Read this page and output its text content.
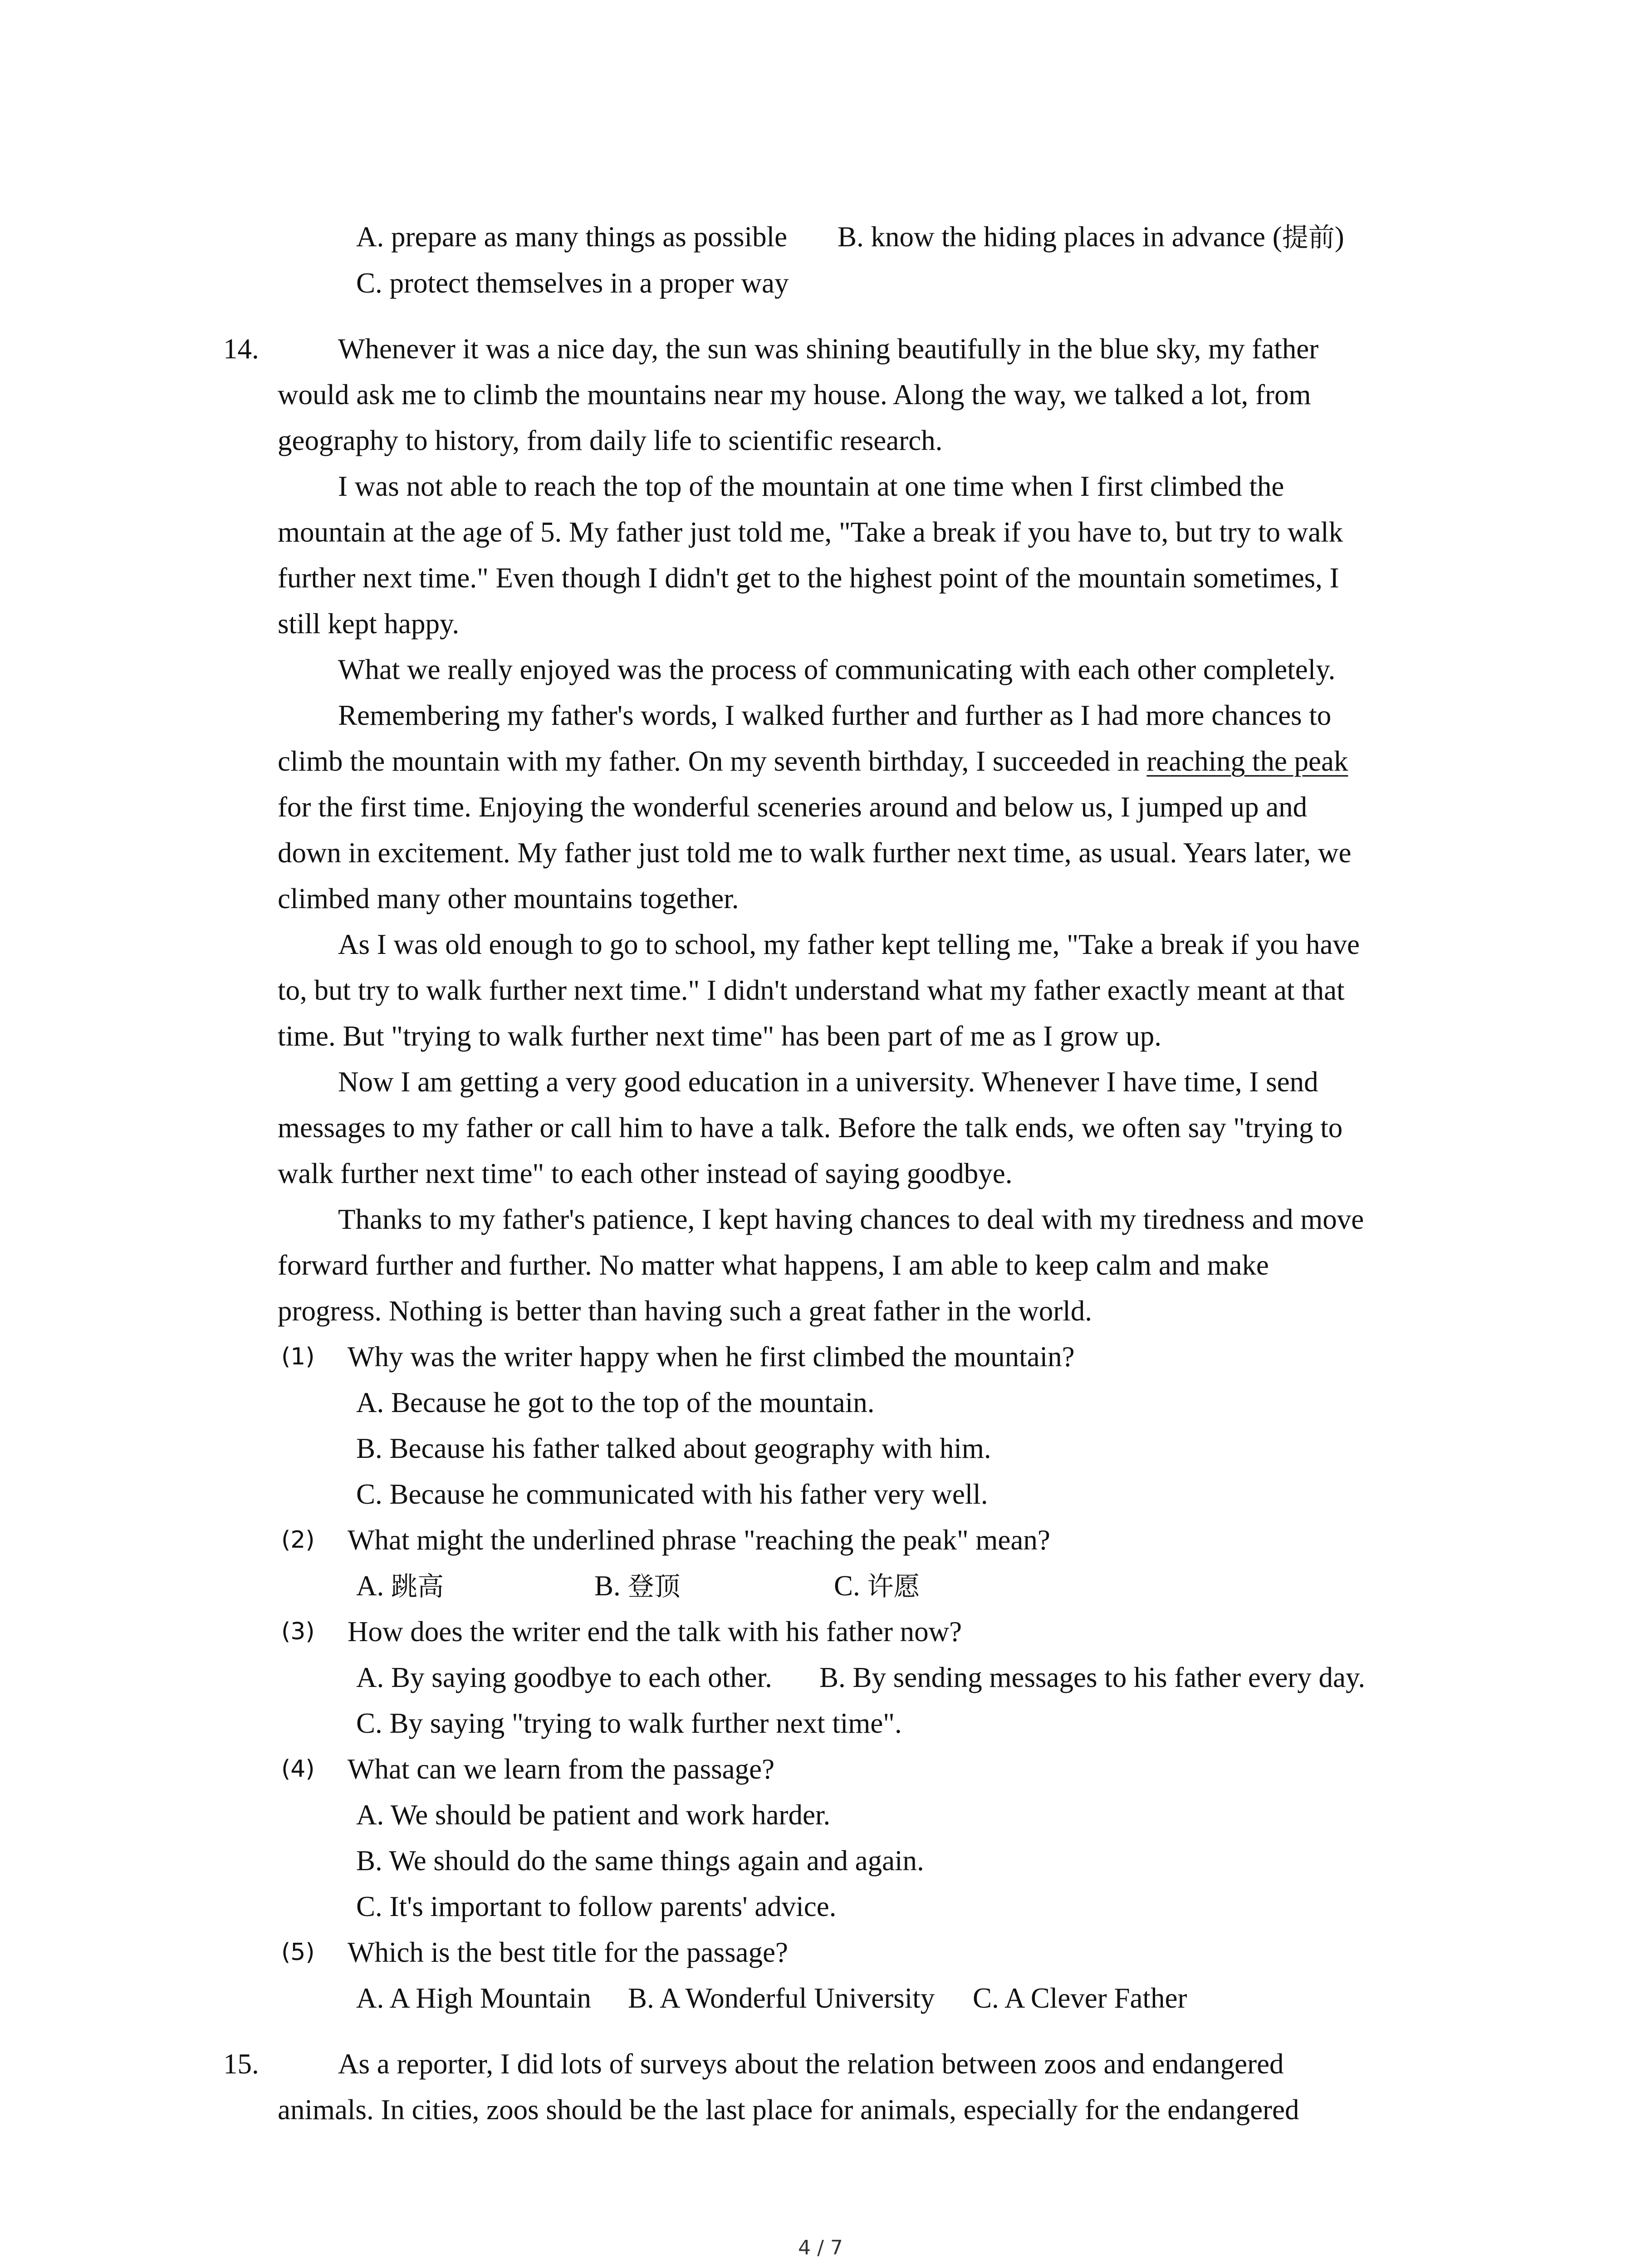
A. prepare as many things as possible B. know the hiding places in advance (提前)
C. protect themselves in a proper way
14.	Whenever it was a nice day, the sun was shining beautifully in the blue sky, my father
would ask me to climb the mountains near my house. Along the way, we talked a lot, from
geography to history, from daily life to scientific research.
I was not able to reach the top of the mountain at one time when I first climbed the
mountain at the age of 5. My father just told me, "Take a break if you have to, but try to walk
further next time." Even though I didn't get to the highest point of the mountain sometimes, I
still kept happy.
What we really enjoyed was the process of communicating with each other completely.
Remembering my father's words, I walked further and further as I had more chances to
climb the mountain with my father. On my seventh birthday, I succeeded in reaching the peak
for the first time. Enjoying the wonderful sceneries around and below us, I jumped up and
down in excitement. My father just told me to walk further next time, as usual. Years later, we
climbed many other mountains together.
As I was old enough to go to school, my father kept telling me, "Take a break if you have
to, but try to walk further next time." I didn't understand what my father exactly meant at that
time. But "trying to walk further next time" has been part of me as I grow up.
Now I am getting a very good education in a university. Whenever I have time, I send
messages to my father or call him to have a talk. Before the talk ends, we often say "trying to
walk further next time" to each other instead of saying goodbye.
Thanks to my father's patience, I kept having chances to deal with my tiredness and move
forward further and further. No matter what happens, I am able to keep calm and make
progress. Nothing is better than having such a great father in the world.
(1) Why was the writer happy when he first climbed the mountain?
A. Because he got to the top of the mountain.
B. Because his father talked about geography with him.
C. Because he communicated with his father very well.
(2) What might the underlined phrase "reaching the peak" mean?
A. 跳高	B. 登顶	C. 许愿
(3) How does the writer end the talk with his father now?
A. By saying goodbye to each other. B. By sending messages to his father every day.
C. By saying "trying to walk further next time".
(4) What can we learn from the passage?
A. We should be patient and work harder.
B. We should do the same things again and again.
C. It's important to follow parents' advice.
(5) Which is the best title for the passage?
A. A High Mountain B. A Wonderful University C. A Clever Father
15.	As a reporter, I did lots of surveys about the relation between zoos and endangered
animals. In cities, zoos should be the last place for animals, especially for the endangered
4 / 7
